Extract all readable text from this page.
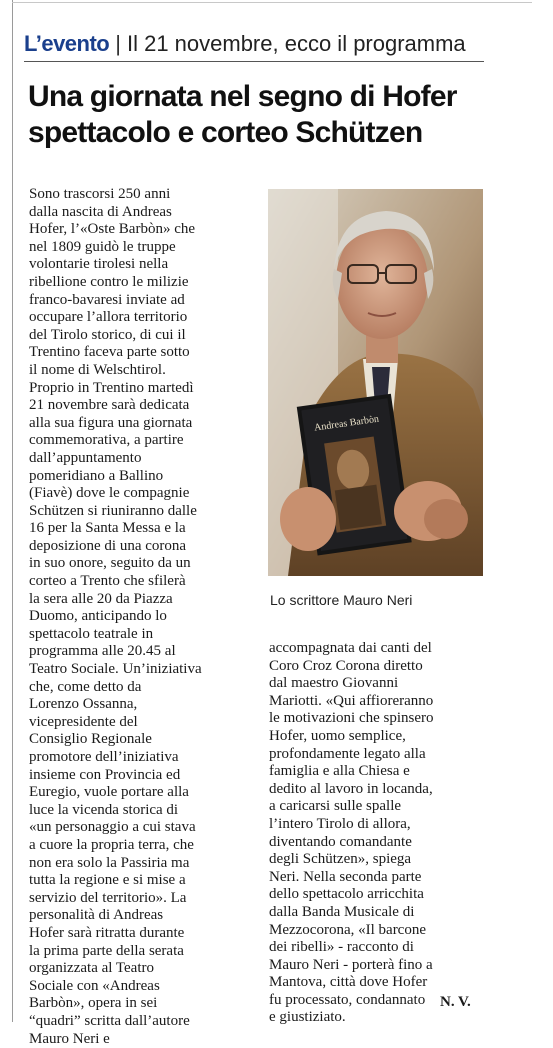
L’evento | Il 21 novembre, ecco il programma
Una giornata nel segno di Hofer
spettacolo e corteo Schützen
Andreas Barbòn
Lo scrittore Mauro Neri
Sono trascorsi 250 anni
dalla nascita di Andreas
Hofer, l’«Oste Barbòn» che
nel 1809 guidò le truppe
volontarie tirolesi nella
ribellione contro le milizie
franco-bavaresi inviate ad
occupare l’allora territorio
del Tirolo storico, di cui il
Trentino faceva parte sotto
il nome di Welschtirol.
Proprio in Trentino martedì
21 novembre sarà dedicata
alla sua figura una giornata
commemorativa, a partire
dall’appuntamento
pomeridiano a Ballino
(Fiavè) dove le compagnie
Schützen si riuniranno dalle
16 per la Santa Messa e la
deposizione di una corona
in suo onore, seguito da un
corteo a Trento che sfilerà
la sera alle 20 da Piazza
Duomo, anticipando lo
spettacolo teatrale in
programma alle 20.45 al
Teatro Sociale. Un’iniziativa
che, come detto da
Lorenzo Ossanna,
vicepresidente del
Consiglio Regionale
promotore dell’iniziativa
insieme con Provincia ed
Euregio, vuole portare alla
luce la vicenda storica di
«un personaggio a cui stava
a cuore la propria terra, che
non era solo la Passiria ma
tutta la regione e si mise a
servizio del territorio». La
personalità di Andreas
Hofer sarà ritratta durante
la prima parte della serata
organizzata al Teatro
Sociale con «Andreas
Barbòn», opera in sei
“quadri” scritta dall’autore
Mauro Neri e
accompagnata dai canti del
Coro Croz Corona diretto
dal maestro Giovanni
Mariotti. «Qui affioreranno
le motivazioni che spinsero
Hofer, uomo semplice,
profondamente legato alla
famiglia e alla Chiesa e
dedito al lavoro in locanda,
a caricarsi sulle spalle
l’intero Tirolo di allora,
diventando comandante
degli Schützen», spiega
Neri. Nella seconda parte
dello spettacolo arricchita
dalla Banda Musicale di
Mezzocorona, «Il barcone
dei ribelli» - racconto di
Mauro Neri - porterà fino a
Mantova, città dove Hofer
fu processato, condannato
e giustiziato.
N. V.
